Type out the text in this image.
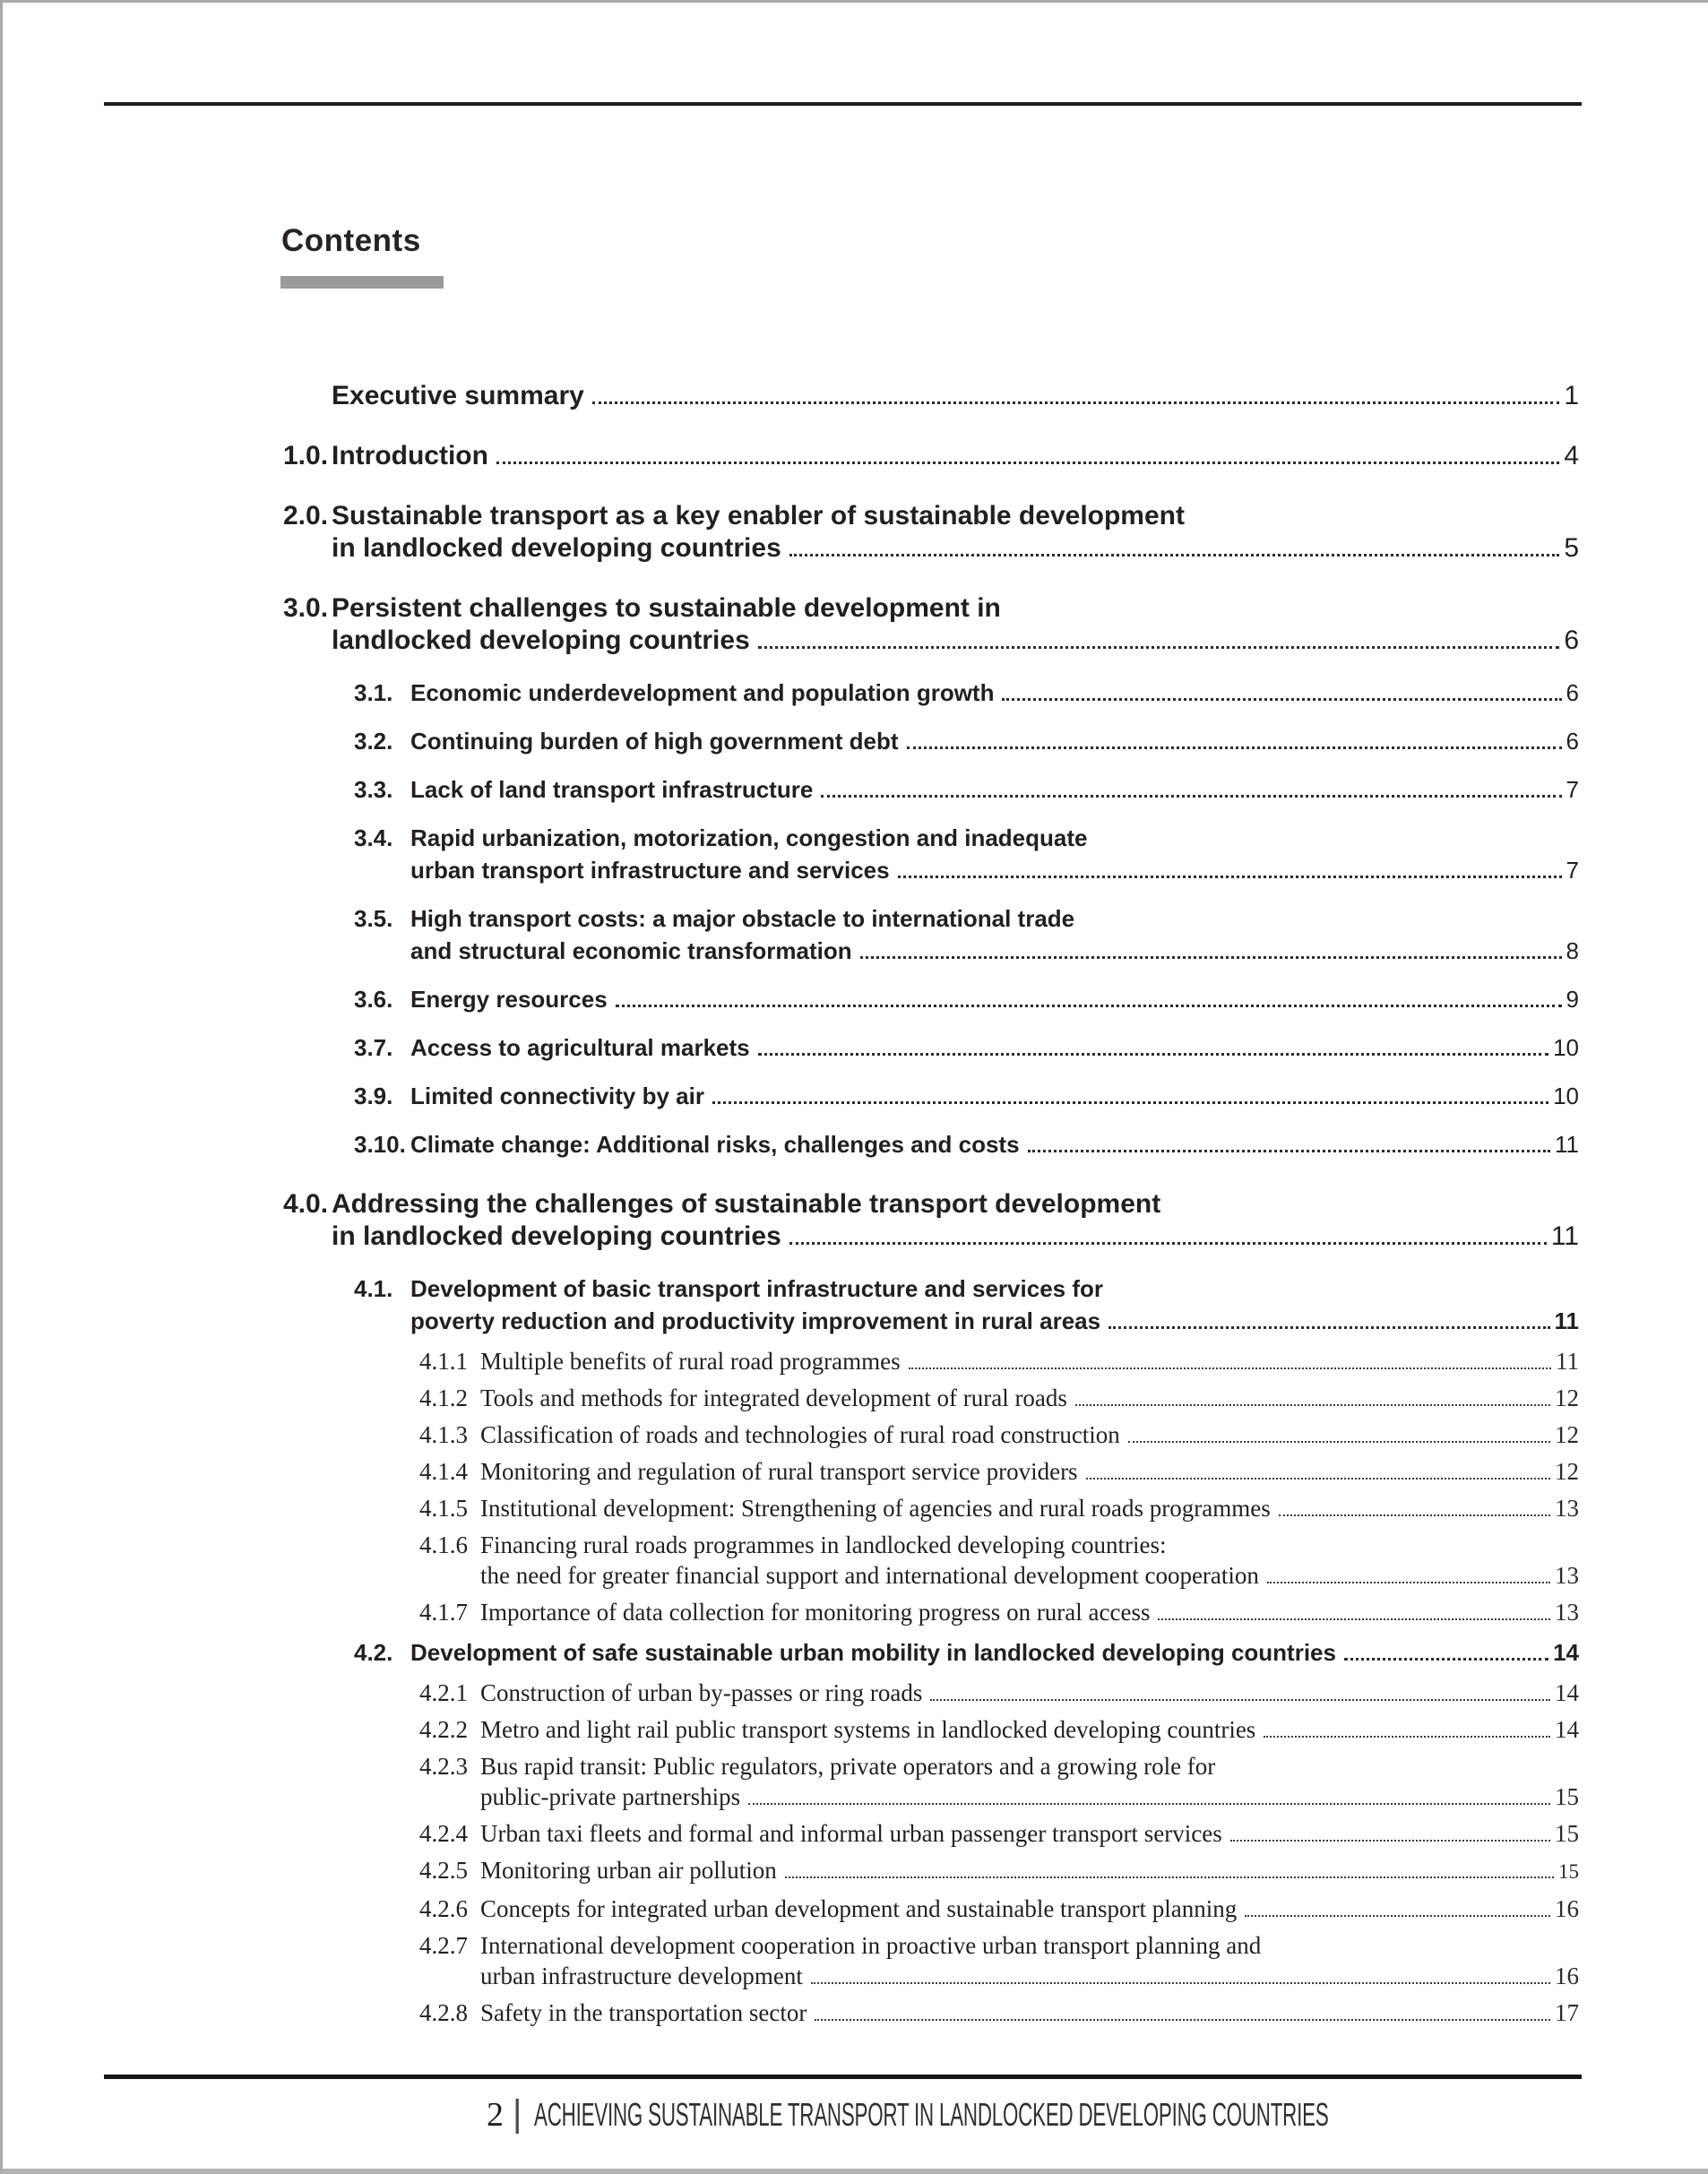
Contents
Executive summary	1
1.0. Introduction	4
2.0. Sustainable transport as a key enabler of sustainable development
in landlocked developing countries	5
3.0. Persistent challenges to sustainable development in
landlocked developing countries	6
3.1. Economic underdevelopment and population growth	6
3.2. Continuing burden of high government debt	6
3.3. Lack of land transport infrastructure	7
3.4. Rapid urbanization, motorization, congestion and inadequate
urban transport infrastructure and services	7
3.5. High transport costs: a major obstacle to international trade
and structural economic transformation	8
3.6. Energy resources	9
3.7. Access to agricultural markets	10
3.9. Limited connectivity by air	10
3.10. Climate change: Additional risks, challenges and costs	11
4.0. Addressing the challenges of sustainable transport development
in landlocked developing countries	11
4.1. Development of basic transport infrastructure and services for
poverty reduction and productivity improvement in rural areas	11
4.1.1 Multiple benefits of rural road programmes	11
4.1.2 Tools and methods for integrated development of rural roads	12
4.1.3 Classification of roads and technologies of rural road construction	12
4.1.4 Monitoring and regulation of rural transport service providers	12
4.1.5 Institutional development: Strengthening of agencies and rural roads programmes	13
4.1.6 Financing rural roads programmes in landlocked developing countries:
the need for greater financial support and international development cooperation	13
4.1.7 Importance of data collection for monitoring progress on rural access	13
4.2. Development of safe sustainable urban mobility in landlocked developing countries	14
4.2.1 Construction of urban by-passes or ring roads	14
4.2.2 Metro and light rail public transport systems in landlocked developing countries	14
4.2.3 Bus rapid transit: Public regulators, private operators and a growing role for
public-private partnerships	15
4.2.4 Urban taxi fleets and formal and informal urban passenger transport services	15
4.2.5 Monitoring urban air pollution	15
4.2.6 Concepts for integrated urban development and sustainable transport planning	16
4.2.7 International development cooperation in proactive urban transport planning and
urban infrastructure development	16
4.2.8 Safety in the transportation sector	17
2 | ACHIEVING SUSTAINABLE TRANSPORT IN LANDLOCKED DEVELOPING COUNTRIES
